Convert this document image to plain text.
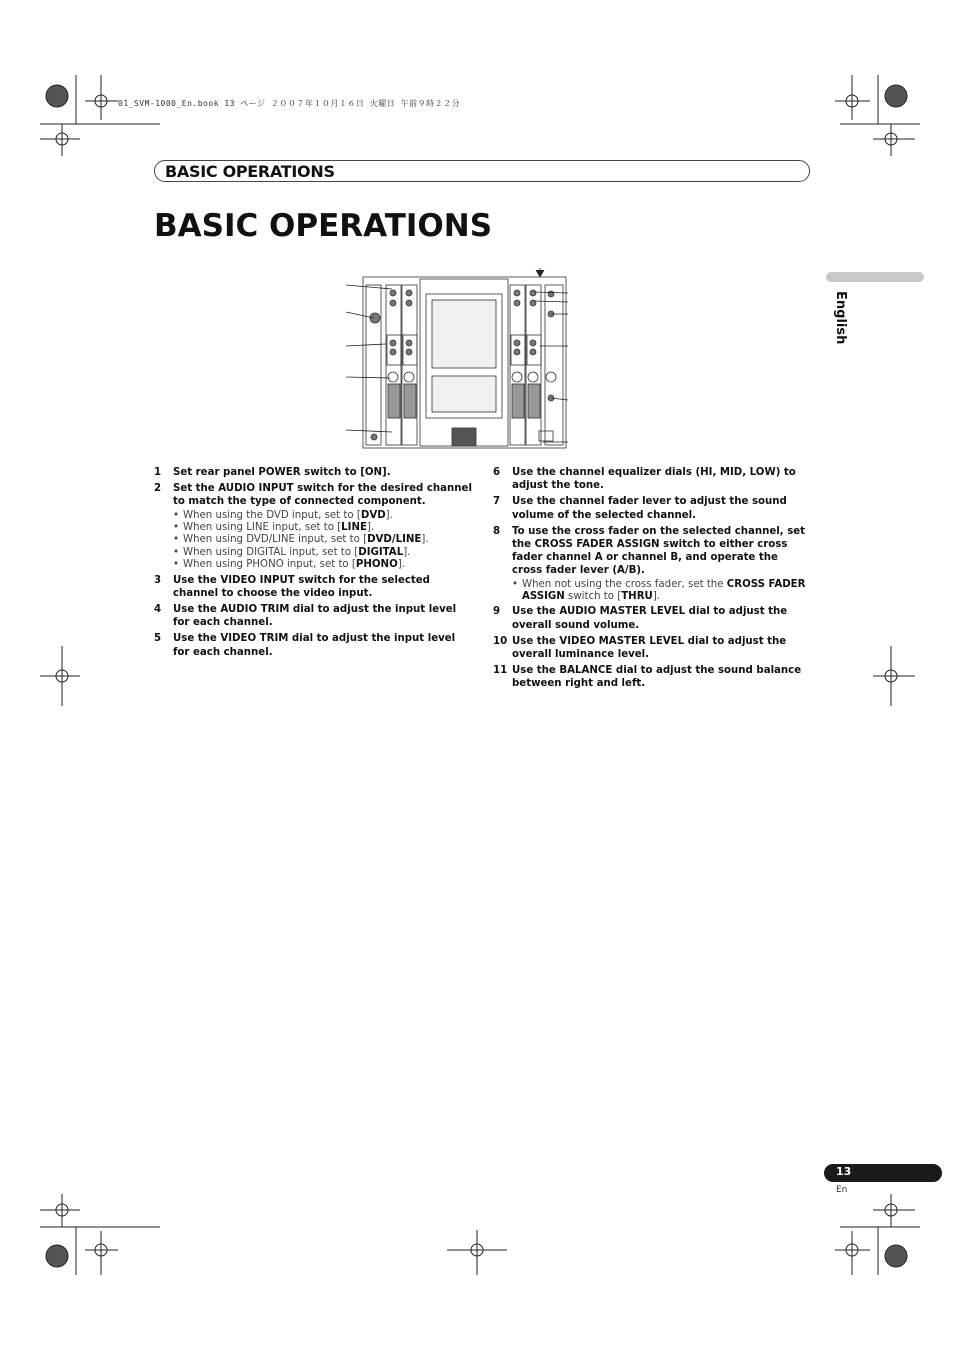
01_SVM-1000_En.book 13 ページ ２００７年１０月１６日 火曜日 午前９時２２分
BASIC OPERATIONS
BASIC OPERATIONS
English
1	Set rear panel POWER switch to [ON].
2	Set the AUDIO INPUT switch for the desired channel to match the type of connected component.
• When using the DVD input, set to [DVD].
• When using LINE input, set to [LINE].
• When using DVD/LINE input, set to [DVD/LINE].
• When using DIGITAL input, set to [DIGITAL].
• When using PHONO input, set to [PHONO].
3	Use the VIDEO INPUT switch for the selected channel to choose the video input.
4	Use the AUDIO TRIM dial to adjust the input level for each channel.
5	Use the VIDEO TRIM dial to adjust the input level for each channel.
6	Use the channel equalizer dials (HI, MID, LOW) to adjust the tone.
7	Use the channel fader lever to adjust the sound volume of the selected channel.
8	To use the cross fader on the selected channel, set the CROSS FADER ASSIGN switch to either cross fader channel A or channel B, and operate the cross fader lever (A/B).
• When not using the cross fader, set the CROSS FADER ASSIGN switch to [THRU].
9	Use the AUDIO MASTER LEVEL dial to adjust the overall sound volume.
10 Use the VIDEO MASTER LEVEL dial to adjust the overall luminance level.
11 Use the BALANCE dial to adjust the sound balance between right and left.
13
En
